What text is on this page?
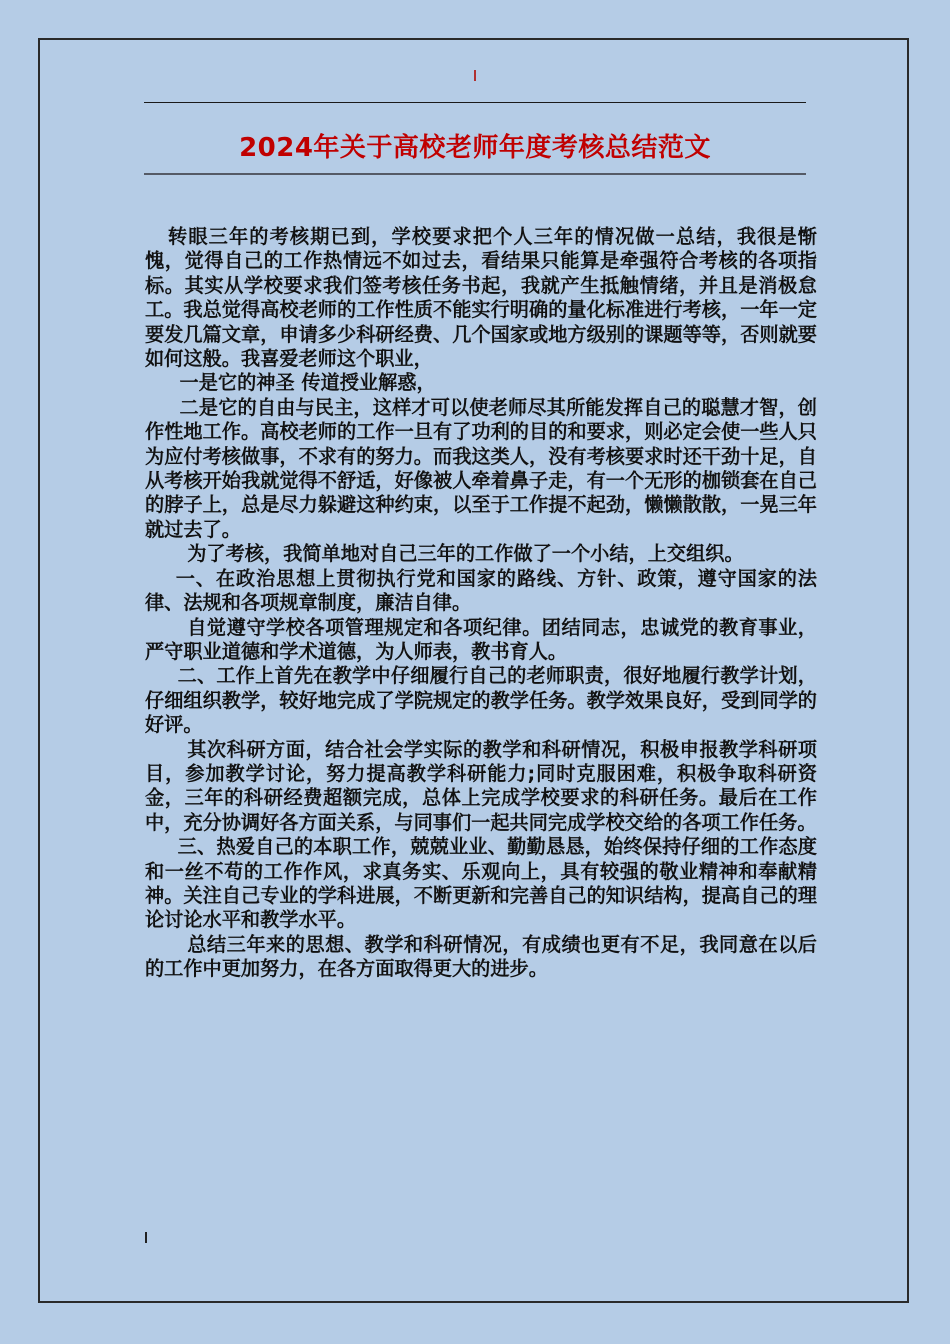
2024年关于高校老师年度考核总结范文

转眼三年的考核期已到，学校要求把个人三年的情况做一总结，我很是惭愧，觉得自己的工作热情远不如过去，看结果只能算是牵强符合考核的各项指标。其实从学校要求我们签考核任务书起，我就产生抵触情绪，并且是消极怠工。我总觉得高校老师的工作性质不能实行明确的量化标准进行考核，一年一定要发几篇文章，申请多少科研经费、几个国家或地方级别的课题等等，否则就要如何这般。我喜爱老师这个职业，

一是它的神圣 传道授业解惑，

二是它的自由与民主，这样才可以使老师尽其所能发挥自己的聪慧才智，创作性地工作。高校老师的工作一旦有了功利的目的和要求，则必定会使一些人只为应付考核做事，不求有的努力。而我这类人，没有考核要求时还干劲十足，自从考核开始我就觉得不舒适，好像被人牵着鼻子走，有一个无形的枷锁套在自己的脖子上，总是尽力躲避这种约束，以至于工作提不起劲，懒懒散散，一晃三年就过去了。

为了考核，我简单地对自己三年的工作做了一个小结，上交组织。

一、在政治思想上贯彻执行党和国家的路线、方针、政策，遵守国家的法律、法规和各项规章制度，廉洁自律。

自觉遵守学校各项管理规定和各项纪律。团结同志，忠诚党的教育事业，严守职业道德和学术道德，为人师表，教书育人。

二、工作上首先在教学中仔细履行自己的老师职责，很好地履行教学计划，仔细组织教学，较好地完成了学院规定的教学任务。教学效果良好，受到同学的好评。

其次科研方面，结合社会学实际的教学和科研情况，积极申报教学科研项目，参加教学讨论，努力提高教学科研能力;同时克服困难，积极争取科研资金，三年的科研经费超额完成，总体上完成学校要求的科研任务。最后在工作中，充分协调好各方面关系，与同事们一起共同完成学校交给的各项工作任务。

三、热爱自己的本职工作，兢兢业业、勤勤恳恳，始终保持仔细的工作态度和一丝不苟的工作作风，求真务实、乐观向上，具有较强的敬业精神和奉献精神。关注自己专业的学科进展，不断更新和完善自己的知识结构，提高自己的理论讨论水平和教学水平。

总结三年来的思想、教学和科研情况，有成绩也更有不足，我同意在以后的工作中更加努力，在各方面取得更大的进步。
